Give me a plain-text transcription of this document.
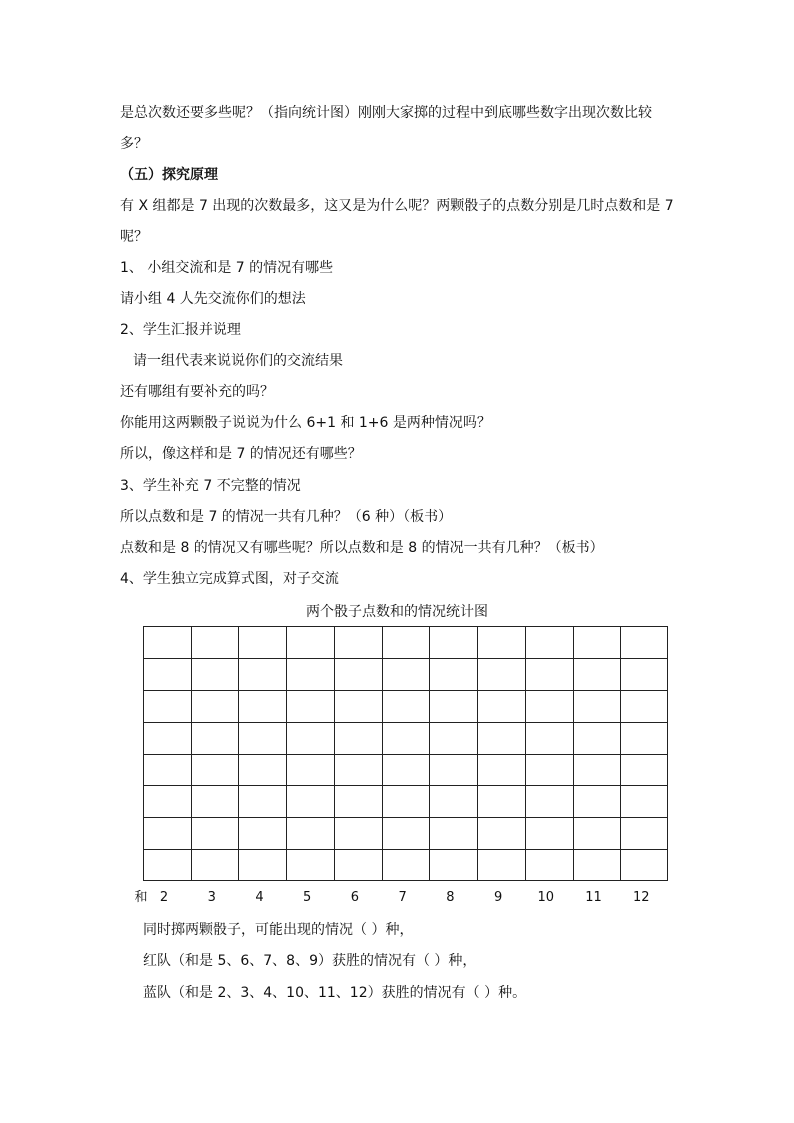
是总次数还要多些呢？（指向统计图）刚刚大家掷的过程中到底哪些数字出现次数比较
多？
（五）探究原理
有 X 组都是 7 出现的次数最多，这又是为什么呢？两颗骰子的点数分别是几时点数和是 7
呢？
1、 小组交流和是 7 的情况有哪些
请小组 4 人先交流你们的想法
2、学生汇报并说理
请一组代表来说说你们的交流结果
还有哪组有要补充的吗？
你能用这两颗骰子说说为什么 6+1 和 1+6 是两种情况吗？
所以，像这样和是 7 的情况还有哪些？
3、学生补充 7 不完整的情况
所以点数和是 7 的情况一共有几种？（6 种）（板书）
点数和是 8 的情况又有哪些呢？所以点数和是 8 的情况一共有几种？（板书）
4、学生独立完成算式图，对子交流
两个骰子点数和的情况统计图
和 2	3	4	5	6	7	8	9	10 11 12
同时掷两颗骰子，可能出现的情况（ ）种，
红队（和是 5、6、7、8、9）获胜的情况有（ ）种，
蓝队（和是 2、3、4、10、11、12）获胜的情况有（ ）种。
